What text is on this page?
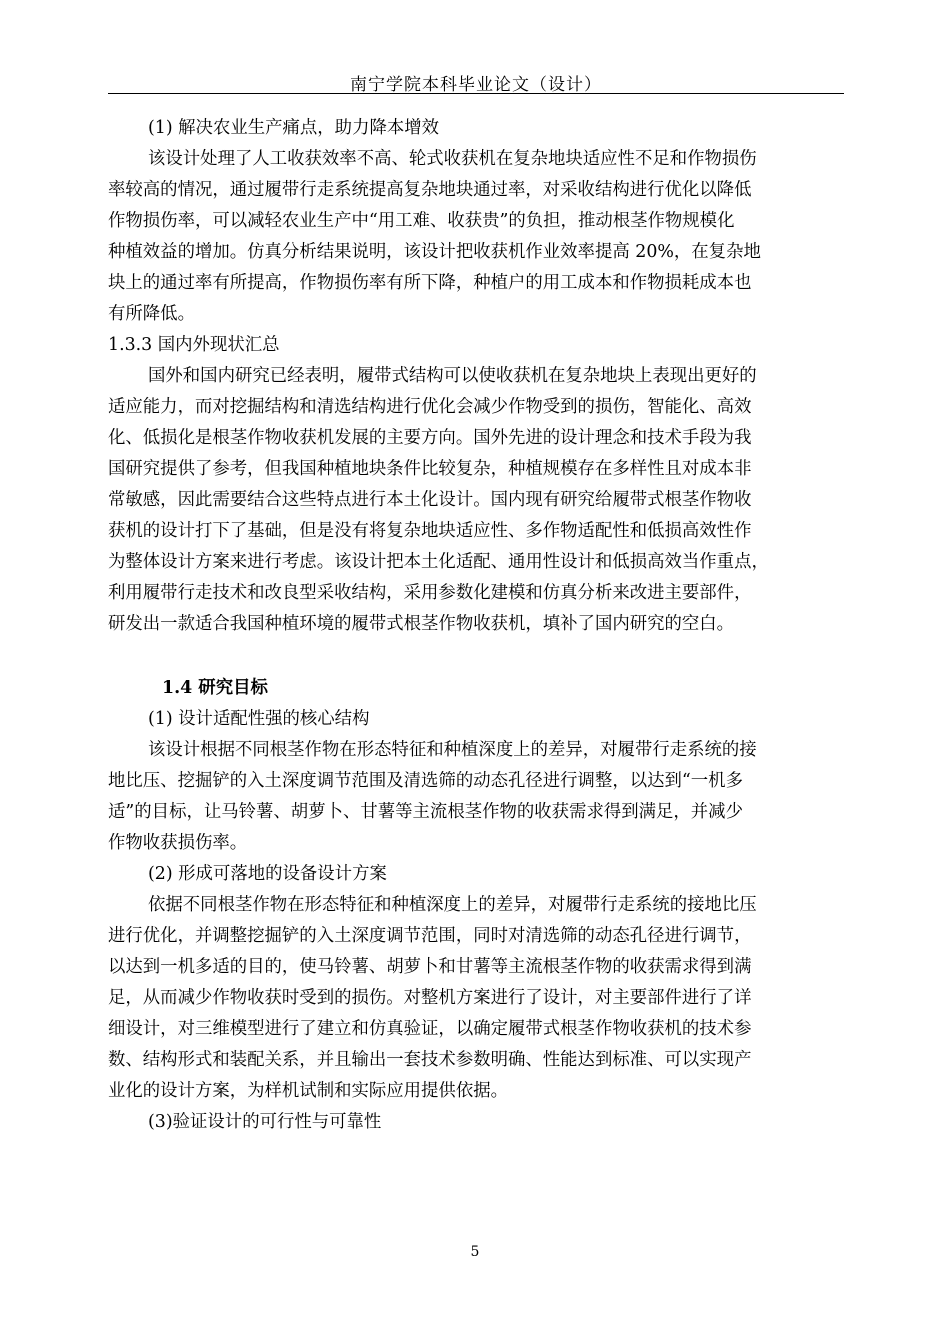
南宁学院本科毕业论文（设计）
(1) 解决农业生产痛点，助力降本增效
该设计处理了人工收获效率不高、轮式收获机在复杂地块适应性不足和作物损伤
率较高的情况，通过履带行走系统提高复杂地块通过率，对采收结构进行优化以降低
作物损伤率，可以减轻农业生产中“用工难、收获贵”的负担，推动根茎作物规模化
种植效益的增加。仿真分析结果说明，该设计把收获机作业效率提高 20%，在复杂地
块上的通过率有所提高，作物损伤率有所下降，种植户的用工成本和作物损耗成本也
有所降低。
1.3.3 国内外现状汇总
国外和国内研究已经表明，履带式结构可以使收获机在复杂地块上表现出更好的
适应能力，而对挖掘结构和清选结构进行优化会减少作物受到的损伤，智能化、高效
化、低损化是根茎作物收获机发展的主要方向。国外先进的设计理念和技术手段为我
国研究提供了参考，但我国种植地块条件比较复杂，种植规模存在多样性且对成本非
常敏感，因此需要结合这些特点进行本土化设计。国内现有研究给履带式根茎作物收
获机的设计打下了基础，但是没有将复杂地块适应性、多作物适配性和低损高效性作
为整体设计方案来进行考虑。该设计把本土化适配、通用性设计和低损高效当作重点，
利用履带行走技术和改良型采收结构，采用参数化建模和仿真分析来改进主要部件，
研发出一款适合我国种植环境的履带式根茎作物收获机，填补了国内研究的空白。
1.4 研究目标
(1) 设计适配性强的核心结构
该设计根据不同根茎作物在形态特征和种植深度上的差异，对履带行走系统的接
地比压、挖掘铲的入土深度调节范围及清选筛的动态孔径进行调整，以达到“一机多
适”的目标，让马铃薯、胡萝卜、甘薯等主流根茎作物的收获需求得到满足，并减少
作物收获损伤率。
(2) 形成可落地的设备设计方案
依据不同根茎作物在形态特征和种植深度上的差异，对履带行走系统的接地比压
进行优化，并调整挖掘铲的入土深度调节范围，同时对清选筛的动态孔径进行调节，
以达到一机多适的目的，使马铃薯、胡萝卜和甘薯等主流根茎作物的收获需求得到满
足，从而减少作物收获时受到的损伤。对整机方案进行了设计，对主要部件进行了详
细设计，对三维模型进行了建立和仿真验证，以确定履带式根茎作物收获机的技术参
数、结构形式和装配关系，并且输出一套技术参数明确、性能达到标准、可以实现产
业化的设计方案，为样机试制和实际应用提供依据。
(3)验证设计的可行性与可靠性
5
